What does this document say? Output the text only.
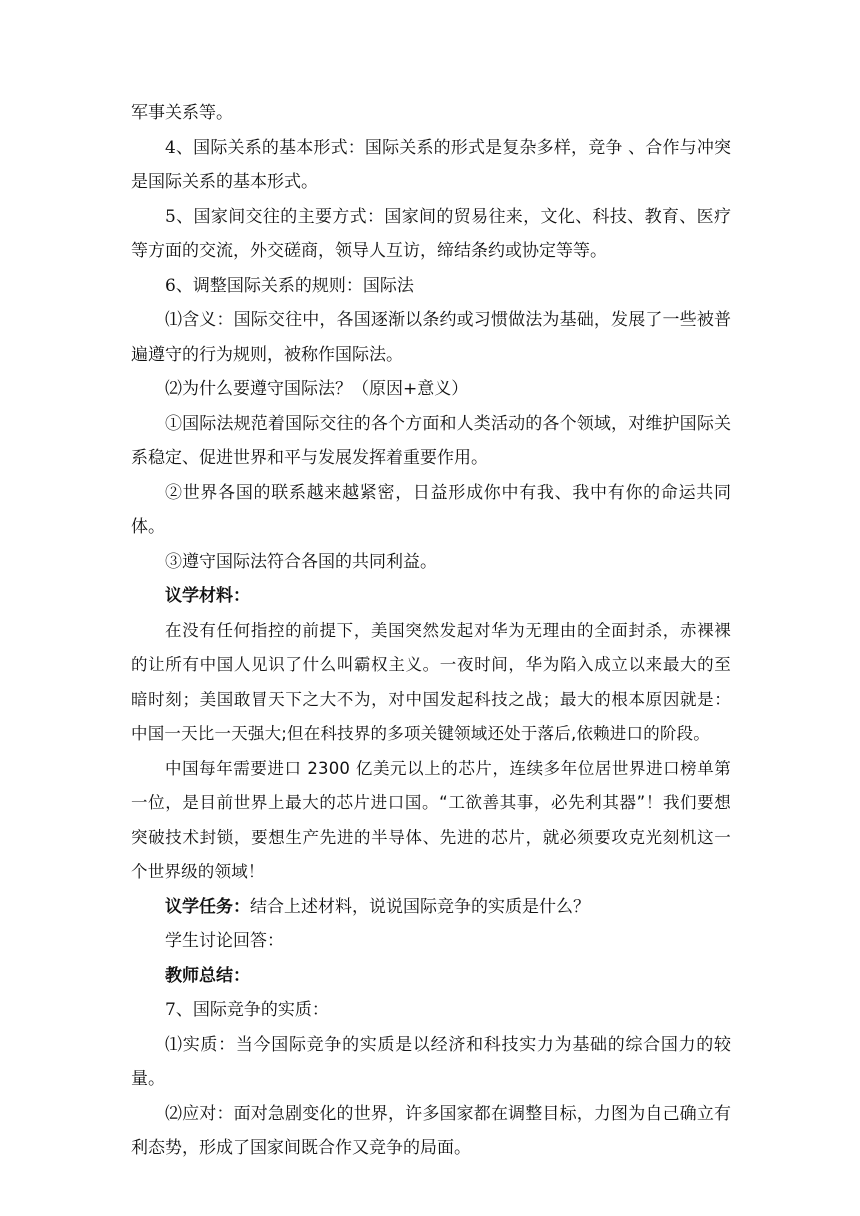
军事关系等。

4、国际关系的基本形式：国际关系的形式是复杂多样，竞争 、合作与冲突是国际关系的基本形式。

5、国家间交往的主要方式：国家间的贸易往来，文化、科技、教育、医疗等方面的交流，外交磋商，领导人互访，缔结条约或协定等等。

6、调整国际关系的规则：国际法

⑴含义：国际交往中，各国逐渐以条约或习惯做法为基础，发展了一些被普遍遵守的行为规则，被称作国际法。

⑵为什么要遵守国际法？（原因+意义）

①国际法规范着国际交往的各个方面和人类活动的各个领域，对维护国际关系稳定、促进世界和平与发展发挥着重要作用。

②世界各国的联系越来越紧密，日益形成你中有我、我中有你的命运共同体。

③遵守国际法符合各国的共同利益。

议学材料：

在没有任何指控的前提下，美国突然发起对华为无理由的全面封杀，赤裸裸的让所有中国人见识了什么叫霸权主义。一夜时间，华为陷入成立以来最大的至暗时刻；美国敢冒天下之大不为，对中国发起科技之战；最大的根本原因就是：中国一天比一天强大;但在科技界的多项关键领域还处于落后,依赖进口的阶段。

中国每年需要进口 2300 亿美元以上的芯片，连续多年位居世界进口榜单第一位，是目前世界上最大的芯片进口国。“工欲善其事，必先利其器”！我们要想突破技术封锁，要想生产先进的半导体、先进的芯片，就必须要攻克光刻机这一个世界级的领域！

议学任务：结合上述材料，说说国际竞争的实质是什么？

学生讨论回答：

教师总结：

7、国际竞争的实质：

⑴实质：当今国际竞争的实质是以经济和科技实力为基础的综合国力的较量。

⑵应对：面对急剧变化的世界，许多国家都在调整目标，力图为自己确立有利态势，形成了国家间既合作又竞争的局面。
